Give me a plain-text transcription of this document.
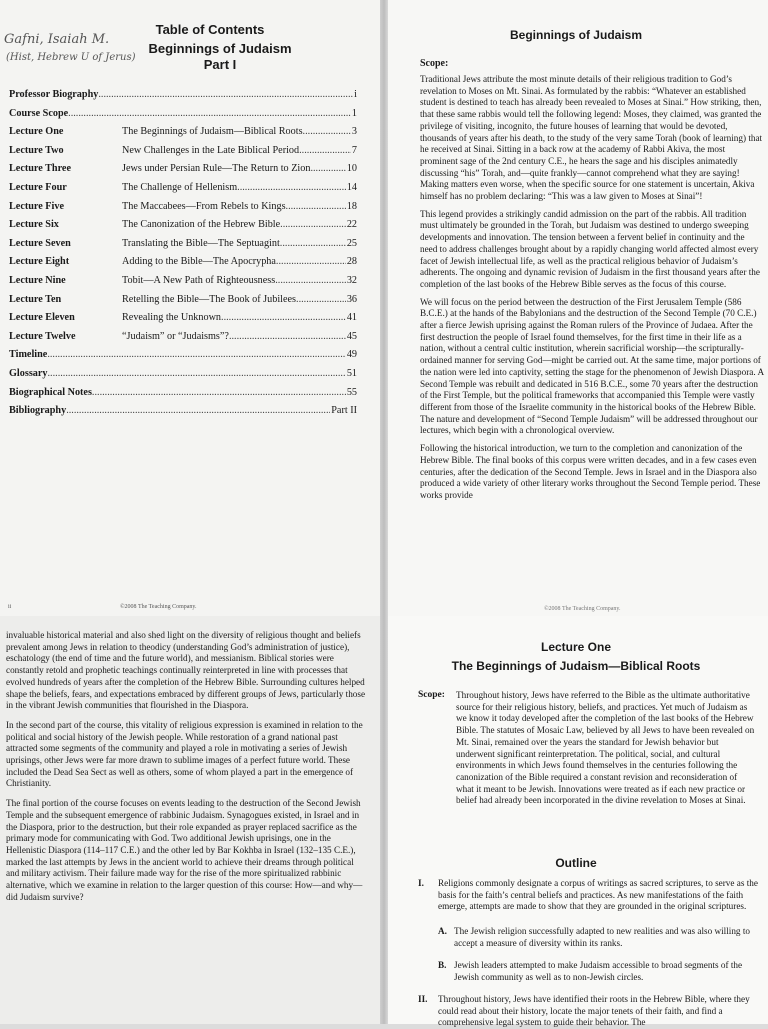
Gafni, Isaiah M.
(Hist, Hebrew U of Jerus)
Table of Contents
Beginnings of Judaism
Part I
Professor Biography .....	i
Course Scope .....	1
Lecture One	The Beginnings of Judaism—Biblical Roots .....	3
Lecture Two	New Challenges in the Late Biblical Period .....	7
Lecture Three	Jews under Persian Rule—The Return to Zion .....	10
Lecture Four	The Challenge of Hellenism .....	14
Lecture Five	The Maccabees—From Rebels to Kings .....	18
Lecture Six	The Canonization of the Hebrew Bible .....	22
Lecture Seven	Translating the Bible—The Septuagint .....	25
Lecture Eight	Adding to the Bible—The Apocrypha .....	28
Lecture Nine	Tobit—A New Path of Righteousness .....	32
Lecture Ten	Retelling the Bible—The Book of Jubilees .....	36
Lecture Eleven	Revealing the Unknown .....	41
Lecture Twelve	“Judaism” or “Judaisms”? .....	45
Timeline .....	49
Glossary .....	51
Biographical Notes .....	55
Bibliography .....	Part II
ii	©2008 The Teaching Company.
Beginnings of Judaism
Scope:

Traditional Jews attribute the most minute details of their religious tradition to God’s revelation to Moses on Mt. Sinai. As formulated by the rabbis: “Whatever an established student is destined to teach has already been revealed to Moses at Sinai.” How striking, then, that these same rabbis would tell the following legend: Moses, they claimed, was granted the privilege of visiting, incognito, the future houses of learning that would be devoted, thousands of years after his death, to the study of the very same Torah (book of learning) that he received at Sinai. Sitting in a back row at the academy of Rabbi Akiva, the most prominent sage of the 2nd century C.E., he hears the sage and his disciples animatedly discussing “his” Torah, and—quite frankly—cannot comprehend what they are saying! Making matters even worse, when the specific source for one statement is uncertain, Akiva himself has no problem declaring: “This was a law given to Moses at Sinai”!

This legend provides a strikingly candid admission on the part of the rabbis. All tradition must ultimately be grounded in the Torah, but Judaism was destined to undergo sweeping developments and innovation. The tension between a fervent belief in continuity and the need to address challenges brought about by a rapidly changing world affected almost every facet of Jewish intellectual life, as well as the practical religious behavior of Judaism’s adherents. The ongoing and dynamic revision of Judaism in the first thousand years after the completion of the last books of the Hebrew Bible serves as the focus of this course.

We will focus on the period between the destruction of the First Jerusalem Temple (586 B.C.E.) at the hands of the Babylonians and the destruction of the Second Temple (70 C.E.) after a fierce Jewish uprising against the Roman rulers of the Province of Judaea. After the first destruction the people of Israel found themselves, for the first time in their life as a nation, without a central cultic institution, wherein sacrificial worship—the scripturally-ordained manner for serving God—might be carried out. At the same time, major portions of the nation were led into captivity, setting the stage for the phenomenon of Jewish Diaspora. A Second Temple was rebuilt and dedicated in 516 B.C.E., some 70 years after the destruction of the First Temple, but the political frameworks that accompanied this Temple were vastly different from those of the Israelite community in the historical books of the Hebrew Bible. The nature and development of “Second Temple Judaism” will be addressed throughout our lectures, which begin with a chronological overview.

Following the historical introduction, we turn to the completion and canonization of the Hebrew Bible. The final books of this corpus were written decades, and in a few cases even centuries, after the dedication of the Second Temple. Jews in Israel and in the Diaspora also produced a wide variety of other literary works throughout the Second Temple period. These works provide

©2008 The Teaching Company.

invaluable historical material and also shed light on the diversity of religious thought and beliefs prevalent among Jews in relation to theodicy (understanding God’s administration of justice), eschatology (the end of time and the future world), and messianism. Biblical stories were constantly retold and prophetic teachings continually reinterpreted in line with processes that evolved hundreds of years after the completion of the Hebrew Bible. Surrounding cultures helped shape the beliefs, fears, and expectations embraced by different groups of Jews, particularly those in the vibrant Jewish communities that flourished in the Diaspora.

In the second part of the course, this vitality of religious expression is examined in relation to the political and social history of the Jewish people. While restoration of a grand national past attracted some segments of the community and played a role in motivating a series of Jewish uprisings, other Jews were far more drawn to sublime images of a perfect future world. These included the Dead Sea Sect as well as others, some of whom played a part in the emergence of Christianity.

The final portion of the course focuses on events leading to the destruction of the Second Jewish Temple and the subsequent emergence of rabbinic Judaism. Synagogues existed, in Israel and in the Diaspora, prior to the destruction, but their role expanded as prayer replaced sacrifice as the primary mode for communicating with God. Two additional Jewish uprisings, one in the Hellenistic Diaspora (114–117 C.E.) and the other led by Bar Kokhba in Israel (132–135 C.E.), marked the last attempts by Jews in the ancient world to achieve their dreams through political and military activism. Their failure made way for the rise of the more spiritualized rabbinic alternative, which we examine in relation to the larger question of this course: How—and why—did Judaism survive?

Lecture One
The Beginnings of Judaism—Biblical Roots
Scope: Throughout history, Jews have referred to the Bible as the ultimate authoritative source for their religious history, beliefs, and practices. Yet much of Judaism as we know it today developed after the completion of the last books of the Hebrew Bible. The statutes of Mosaic Law, believed by all Jews to have been revealed on Mt. Sinai, remained over the years the standard for Jewish behavior but underwent significant reinterpretation. The political, social, and cultural environments in which Jews found themselves in the centuries following the canonization of the Bible required a constant revision and reconsideration of what it meant to be Jewish. Innovations were treated as if each new practice or belief had already been incorporated in the divine revelation to Moses at Sinai.
Outline
I. Religions commonly designate a corpus of writings as sacred scriptures, to serve as the basis for the faith’s central beliefs and practices. As new manifestations of the faith emerge, attempts are made to show that they are grounded in the original scriptures.
A. The Jewish religion successfully adapted to new realities and was also willing to accept a measure of diversity within its ranks.
B. Jewish leaders attempted to make Judaism accessible to broad segments of the Jewish community as well as to non-Jewish circles.
II. Throughout history, Jews have identified their roots in the Hebrew Bible, where they could read about their history, locate the major tenets of their faith, and find a comprehensive legal system to guide their behavior. The
